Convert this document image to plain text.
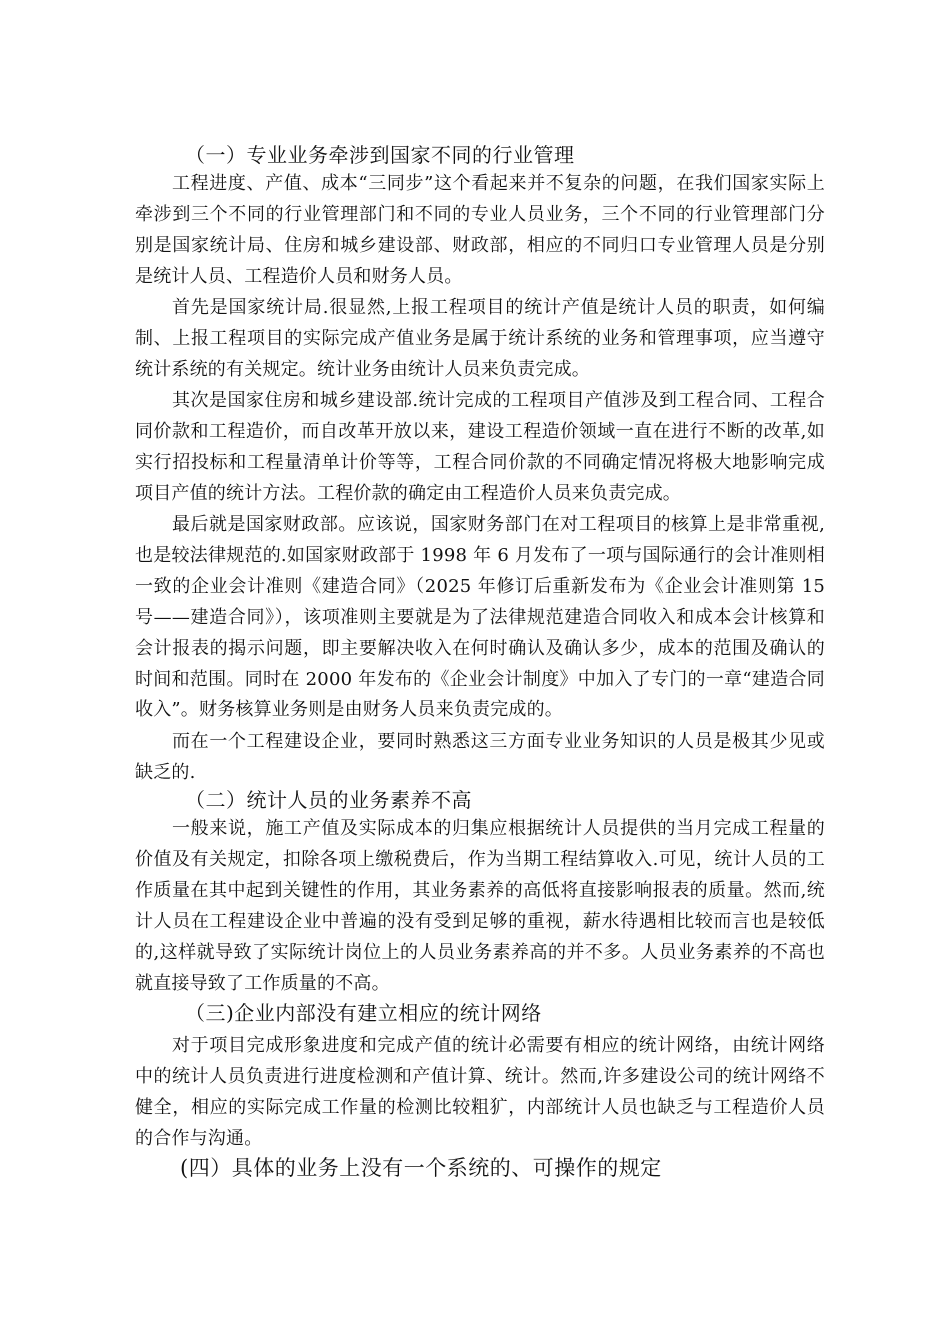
（一）专业业务牵涉到国家不同的行业管理
工程进度、产值、成本“三同步”这个看起来并不复杂的问题，在我们国家实际上牵涉到三个不同的行业管理部门和不同的专业人员业务，三个不同的行业管理部门分别是国家统计局、住房和城乡建设部、财政部，相应的不同归口专业管理人员是分别是统计人员、工程造价人员和财务人员。
首先是国家统计局.很显然,上报工程项目的统计产值是统计人员的职责，如何编制、上报工程项目的实际完成产值业务是属于统计系统的业务和管理事项，应当遵守统计系统的有关规定。统计业务由统计人员来负责完成。
其次是国家住房和城乡建设部.统计完成的工程项目产值涉及到工程合同、工程合同价款和工程造价，而自改革开放以来，建设工程造价领域一直在进行不断的改革,如实行招投标和工程量清单计价等等，工程合同价款的不同确定情况将极大地影响完成项目产值的统计方法。工程价款的确定由工程造价人员来负责完成。
最后就是国家财政部。应该说，国家财务部门在对工程项目的核算上是非常重视,也是较法律规范的.如国家财政部于 1998 年 6 月发布了一项与国际通行的会计准则相一致的企业会计准则《建造合同》（2025 年修订后重新发布为《企业会计准则第 15 号——建造合同》），该项准则主要就是为了法律规范建造合同收入和成本会计核算和会计报表的揭示问题，即主要解决收入在何时确认及确认多少，成本的范围及确认的时间和范围。同时在 2000 年发布的《企业会计制度》中加入了专门的一章“建造合同收入”。财务核算业务则是由财务人员来负责完成的。
而在一个工程建设企业，要同时熟悉这三方面专业业务知识的人员是极其少见或缺乏的.
（二）统计人员的业务素养不高
一般来说，施工产值及实际成本的归集应根据统计人员提供的当月完成工程量的价值及有关规定，扣除各项上缴税费后，作为当期工程结算收入.可见，统计人员的工作质量在其中起到关键性的作用，其业务素养的高低将直接影响报表的质量。然而,统计人员在工程建设企业中普遍的没有受到足够的重视，薪水待遇相比较而言也是较低的,这样就导致了实际统计岗位上的人员业务素养高的并不多。人员业务素养的不高也就直接导致了工作质量的不高。
（三)企业内部没有建立相应的统计网络
对于项目完成形象进度和完成产值的统计必需要有相应的统计网络，由统计网络中的统计人员负责进行进度检测和产值计算、统计。然而,许多建设公司的统计网络不健全，相应的实际完成工作量的检测比较粗犷，内部统计人员也缺乏与工程造价人员的合作与沟通。
(四）具体的业务上没有一个系统的、可操作的规定
